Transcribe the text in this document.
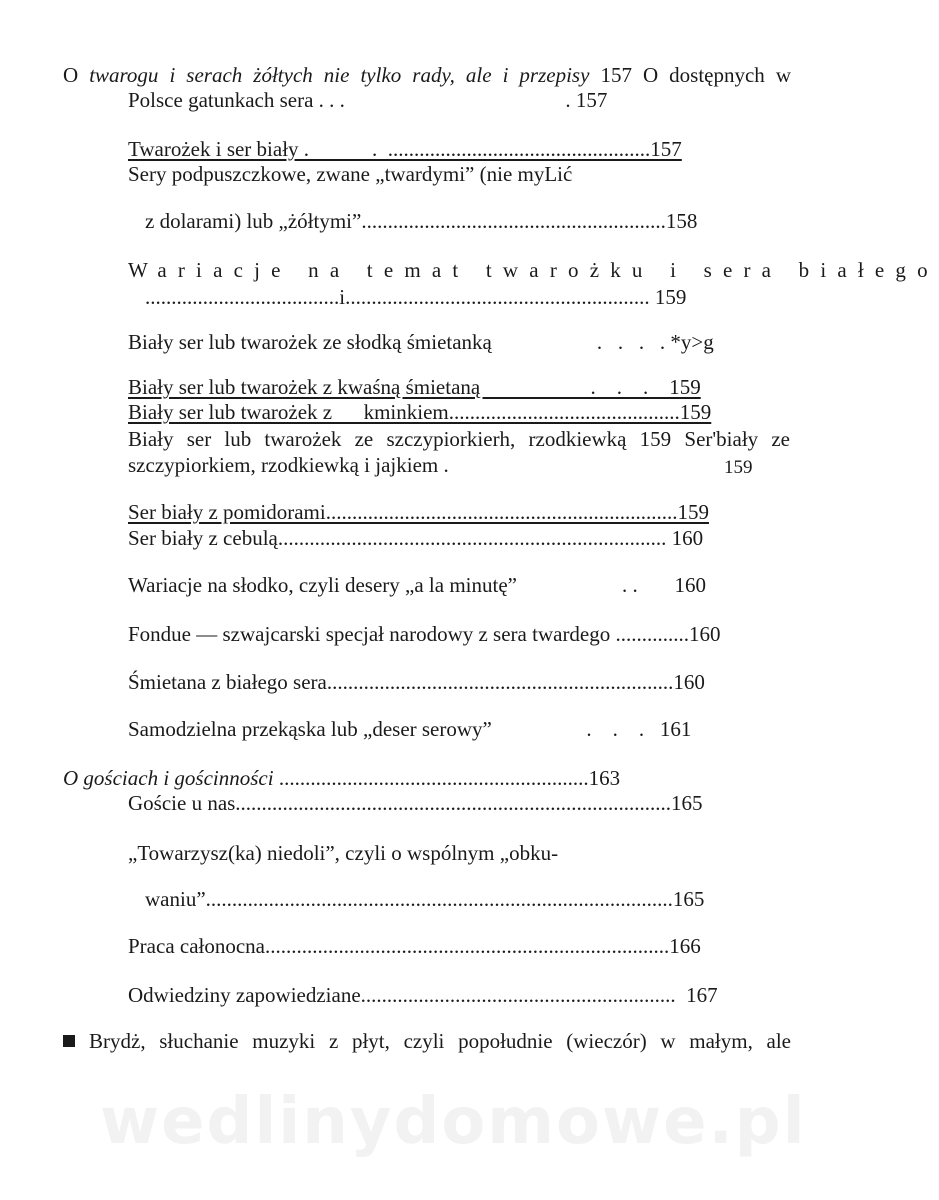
O twarogu i serach żółtych nie tylko rady, ale i przepisy 157 O dostępnych w
Polsce gatunkach sera . . .                                          . 157
Twarożek i ser biały .            .  ..................................................157
Sery podpuszczkowe, zwane „twardymi” (nie myLić
z dolarami) lub „żółtymi”..........................................................158
Wariacje na temat twarożku i sera białego
.....................................i.......................................................... 159
Biały ser lub twarożek ze słodką śmietanką                    .   .   .   . *y>g
Biały ser lub twarożek z kwaśną śmietaną                     .    .    .    159
Biały ser lub twarożek z      kminkiem............................................159
Biały ser lub twarożek ze szczypiorkierh, rzodkiewką 159 Ser'biały ze
szczypiorkiem, rzodkiewką i jajkiem .	159
Ser biały z pomidorami...................................................................159
Ser biały z cebulą.......................................................................... 160
Wariacje na słodko, czyli desery „a la minutę”                    . .       160
Fondue — szwajcarski specjał narodowy z sera twardego ..............160
Śmietana z białego sera..................................................................160
Samodzielna przekąska lub „deser serowy”                  .    .    .   161
O gościach i gościnności ...........................................................163
Goście u nas...................................................................................165
„Towarzysz(ka) niedoli”, czyli o wspólnym „obku-
waniu”.........................................................................................165
Praca całonocna.............................................................................166
Odwiedziny zapowiedziane............................................................  167
Brydż, słuchanie muzyki z płyt, czyli popołudnie (wieczór) w małym, ale
wedlinydomowe.pl
